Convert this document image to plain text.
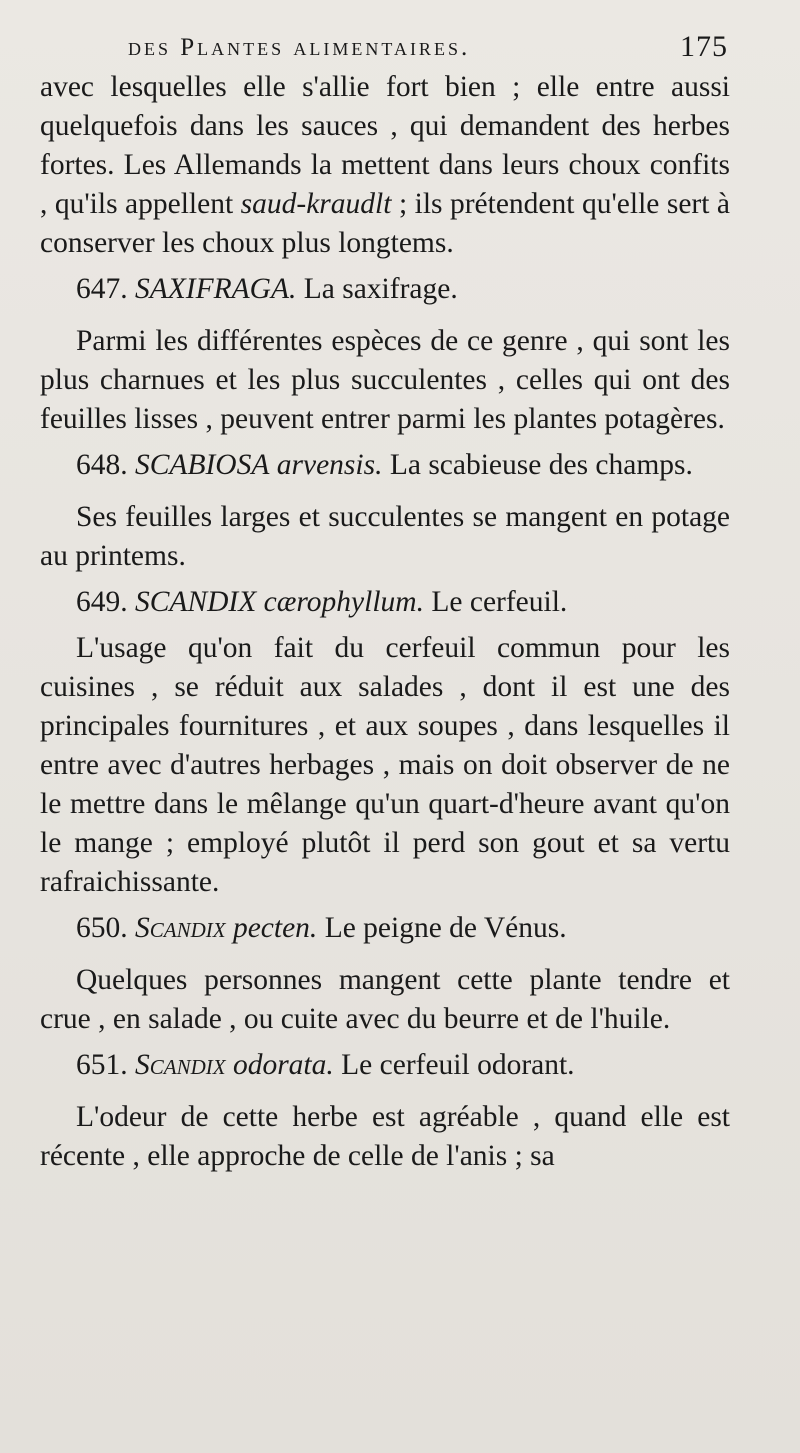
des Plantes alimentaires.	175

avec lesquelles elle s'allie fort bien ; elle entre aussi quelquefois dans les sauces , qui demandent des herbes fortes. Les Allemands la mettent dans leurs choux confits , qu'ils appellent saud-kraudlt ; ils prétendent qu'elle sert à conserver les choux plus longtems.

647. SAXIFRAGA. La saxifrage.

Parmi les différentes espèces de ce genre , qui sont les plus charnues et les plus succulentes , celles qui ont des feuilles lisses , peuvent entrer parmi les plantes potagères.

648. SCABIOSA arvensis. La scabieuse des champs.

Ses feuilles larges et succulentes se mangent en potage au printems.

649. SCANDIX cærophyllum. Le cerfeuil.

L'usage qu'on fait du cerfeuil commun pour les cuisines , se réduit aux salades , dont il est une des principales fournitures , et aux soupes , dans lesquelles il entre avec d'autres herbages , mais on doit observer de ne le mettre dans le mêlange qu'un quart-d'heure avant qu'on le mange ; employé plutôt il perd son gout et sa vertu rafraichissante.

650. Scandix pecten. Le peigne de Vénus.

Quelques personnes mangent cette plante tendre et crue , en salade , ou cuite avec du beurre et de l'huile.

651. Scandix odorata. Le cerfeuil odorant.

L'odeur de cette herbe est agréable , quand elle est récente , elle approche de celle de l'anis ; sa
